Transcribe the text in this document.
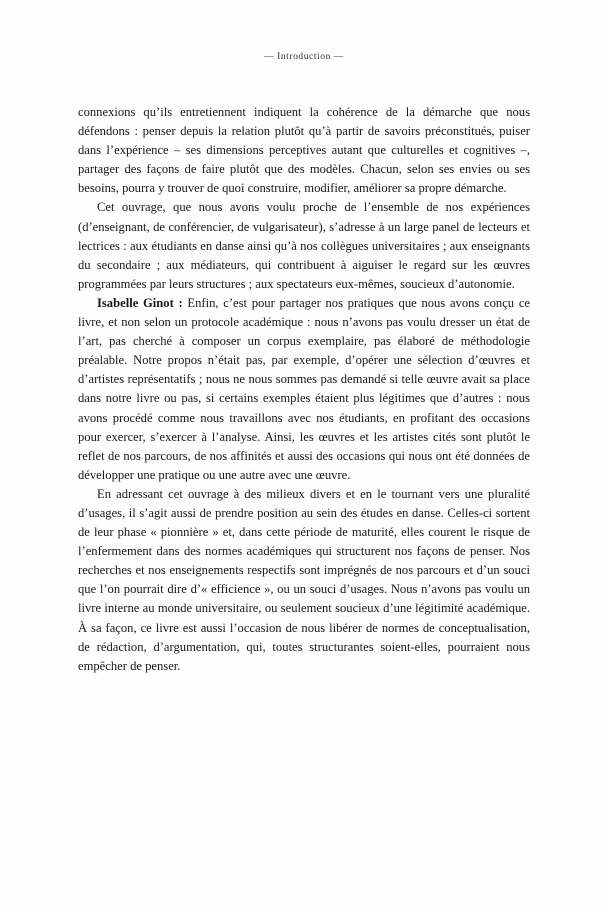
— Introduction —

connexions qu’ils entretiennent indiquent la cohérence de la démarche que nous défendons : penser depuis la relation plutôt qu’à partir de savoirs préconstitués, puiser dans l’expérience – ses dimensions perceptives autant que culturelles et cognitives –, partager des façons de faire plutôt que des modèles. Chacun, selon ses envies ou ses besoins, pourra y trouver de quoi construire, modifier, améliorer sa propre démarche.

Cet ouvrage, que nous avons voulu proche de l’ensemble de nos expériences (d’enseignant, de conférencier, de vulgarisateur), s’adresse à un large panel de lecteurs et lectrices : aux étudiants en danse ainsi qu’à nos collègues universitaires ; aux enseignants du secondaire ; aux médiateurs, qui contribuent à aiguiser le regard sur les œuvres programmées par leurs structures ; aux spectateurs eux-mêmes, soucieux d’autonomie.

Isabelle Ginot : Enfin, c’est pour partager nos pratiques que nous avons conçu ce livre, et non selon un protocole académique : nous n’avons pas voulu dresser un état de l’art, pas cherché à composer un corpus exemplaire, pas élaboré de méthodologie préalable. Notre propos n’était pas, par exemple, d’opérer une sélection d’œuvres et d’artistes représentatifs ; nous ne nous sommes pas demandé si telle œuvre avait sa place dans notre livre ou pas, si certains exemples étaient plus légitimes que d’autres : nous avons procédé comme nous travaillons avec nos étudiants, en profitant des occasions pour exercer, s’exercer à l’analyse. Ainsi, les œuvres et les artistes cités sont plutôt le reflet de nos parcours, de nos affinités et aussi des occasions qui nous ont été données de développer une pratique ou une autre avec une œuvre.

En adressant cet ouvrage à des milieux divers et en le tournant vers une pluralité d’usages, il s’agit aussi de prendre position au sein des études en danse. Celles-ci sortent de leur phase « pionnière » et, dans cette période de maturité, elles courent le risque de l’enfermement dans des normes académiques qui structurent nos façons de penser. Nos recherches et nos enseignements respectifs sont imprégnés de nos parcours et d’un souci que l’on pourrait dire d’« efficience », ou un souci d’usages. Nous n’avons pas voulu un livre interne au monde universitaire, ou seulement soucieux d’une légitimité académique. À sa façon, ce livre est aussi l’occasion de nous libérer de normes de conceptualisation, de rédaction, d’argumentation, qui, toutes structurantes soient-elles, pourraient nous empêcher de penser.
